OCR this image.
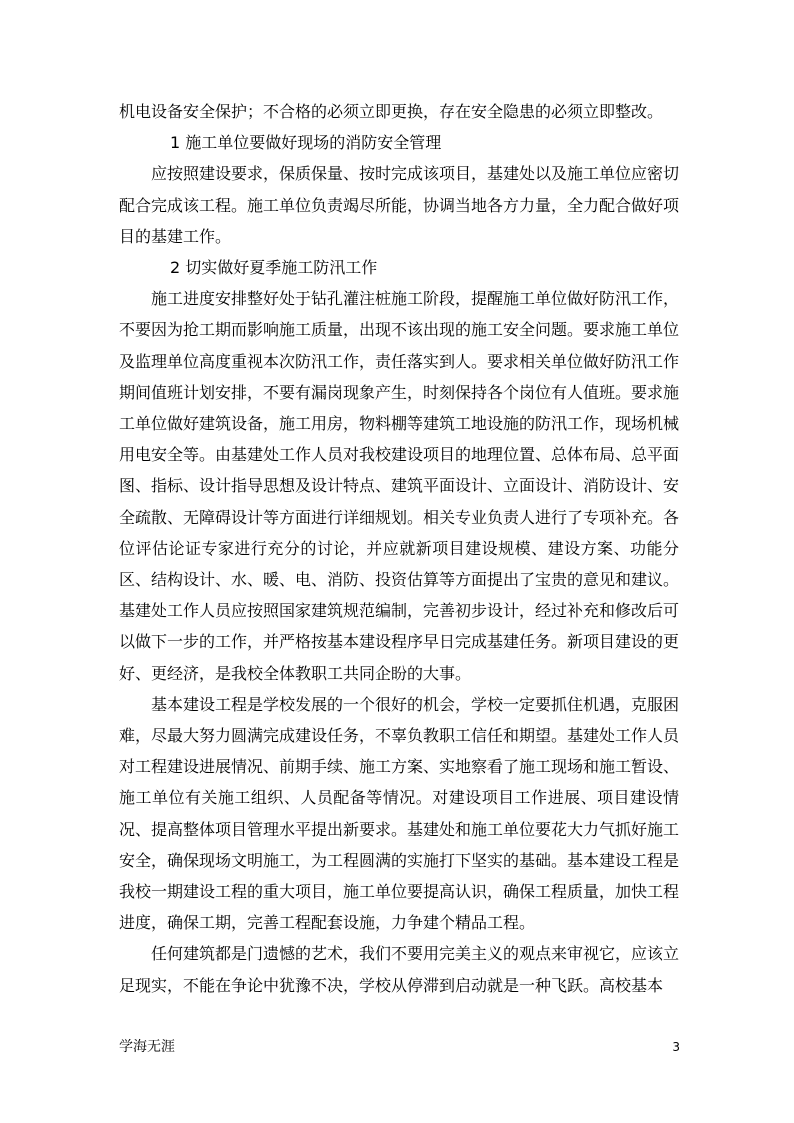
机电设备安全保护；不合格的必须立即更换，存在安全隐患的必须立即整改。

1 施工单位要做好现场的消防安全管理

应按照建设要求，保质保量、按时完成该项目，基建处以及施工单位应密切配合完成该工程。施工单位负责竭尽所能，协调当地各方力量，全力配合做好项目的基建工作。

2 切实做好夏季施工防汛工作

施工进度安排整好处于钻孔灌注桩施工阶段，提醒施工单位做好防汛工作，不要因为抢工期而影响施工质量，出现不该出现的施工安全问题。要求施工单位及监理单位高度重视本次防汛工作，责任落实到人。要求相关单位做好防汛工作期间值班计划安排，不要有漏岗现象产生，时刻保持各个岗位有人值班。要求施工单位做好建筑设备，施工用房，物料棚等建筑工地设施的防汛工作，现场机械用电安全等。由基建处工作人员对我校建设项目的地理位置、总体布局、总平面图、指标、设计指导思想及设计特点、建筑平面设计、立面设计、消防设计、安全疏散、无障碍设计等方面进行详细规划。相关专业负责人进行了专项补充。各位评估论证专家进行充分的讨论，并应就新项目建设规模、建设方案、功能分区、结构设计、水、暖、电、消防、投资估算等方面提出了宝贵的意见和建议。基建处工作人员应按照国家建筑规范编制，完善初步设计，经过补充和修改后可以做下一步的工作，并严格按基本建设程序早日完成基建任务。新项目建设的更好、更经济，是我校全体教职工共同企盼的大事。

基本建设工程是学校发展的一个很好的机会，学校一定要抓住机遇，克服困难，尽最大努力圆满完成建设任务，不辜负教职工信任和期望。基建处工作人员对工程建设进展情况、前期手续、施工方案、实地察看了施工现场和施工暂设、施工单位有关施工组织、人员配备等情况。对建设项目工作进展、项目建设情况、提高整体项目管理水平提出新要求。基建处和施工单位要花大力气抓好施工安全，确保现场文明施工，为工程圆满的实施打下坚实的基础。基本建设工程是我校一期建设工程的重大项目，施工单位要提高认识，确保工程质量，加快工程进度，确保工期，完善工程配套设施，力争建个精品工程。

任何建筑都是门遗憾的艺术，我们不要用完美主义的观点来审视它，应该立足现实，不能在争论中犹豫不决，学校从停滞到启动就是一种飞跃。高校基本

学海无涯	3
